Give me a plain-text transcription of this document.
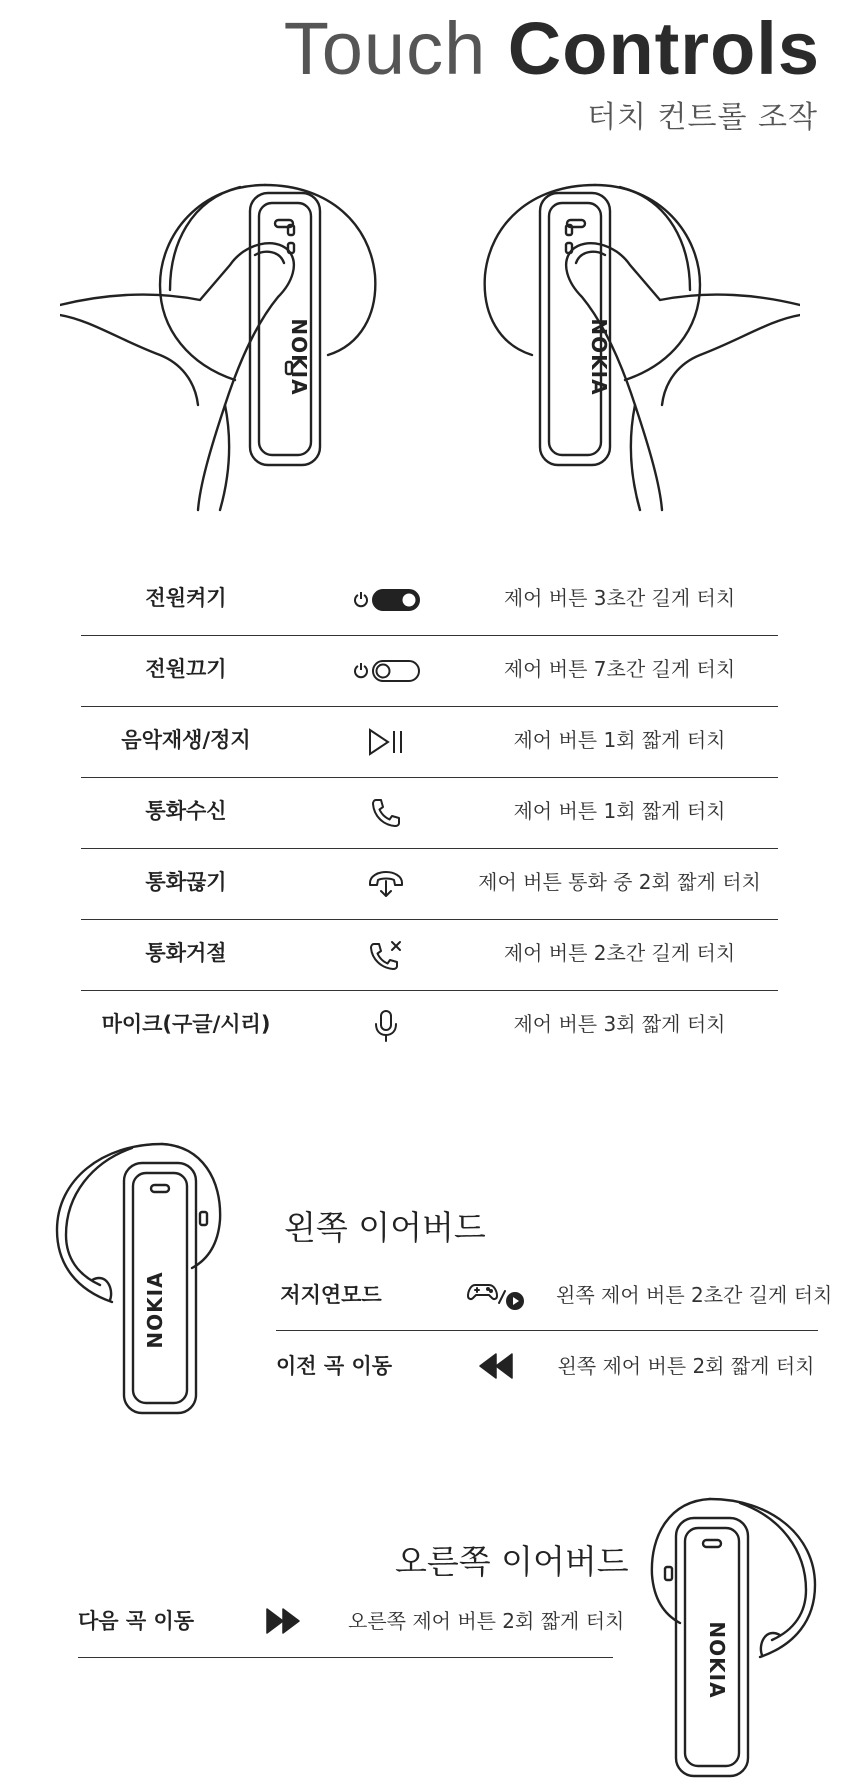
Touch Controls
터치 컨트롤 조작
NOKIA	NOKIA
전원켜기	제어 버튼 3초간 길게 터치
전원끄기	제어 버튼 7초간 길게 터치
음악재생/정지	제어 버튼 1회 짧게 터치
통화수신	제어 버튼 1회 짧게 터치
통화끊기	제어 버튼 통화 중 2회 짧게 터치
통화거절	제어 버튼 2초간 길게 터치
마이크(구글/시리)	제어 버튼 3회 짧게 터치
NOKIA
왼쪽 이어버드
저지연모드	왼쪽 제어 버튼 2초간 길게 터치
이전 곡 이동	왼쪽 제어 버튼 2회 짧게 터치
오른쪽 이어버드
다음 곡 이동	오른쪽 제어 버튼 2회 짧게 터치
NOKIA
